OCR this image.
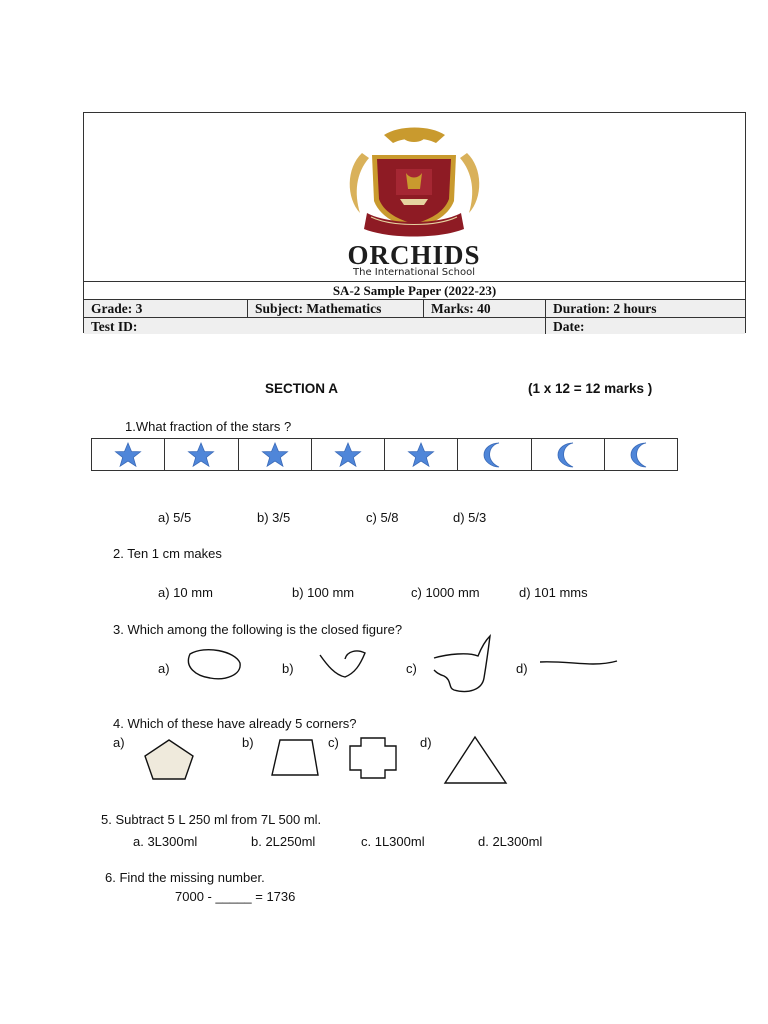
ORCHIDS
The International School
SA-2 Sample Paper (2022-23)
Grade: 3	Subject: Mathematics	Marks: 40	Duration: 2 hours
Test ID:	Date:
SECTION A	(1 x 12 = 12 marks )
1.What fraction of the stars ?
a) 5/5	b) 3/5	c) 5/8	d) 5/3
2. Ten 1 cm makes
a) 10 mm	b) 100 mm	c) 1000 mm	d) 101 mms
3. Which among the following is the closed figure?
a)	b)	c)	d)
4. Which of these have already 5 corners?
a)	b)	c)	d)
5. Subtract 5 L 250 ml from 7L 500 ml.
a. 3L300ml	b. 2L250ml	c. 1L300ml	d. 2L300ml
6. Find the missing number.
7000 - _____ = 1736
